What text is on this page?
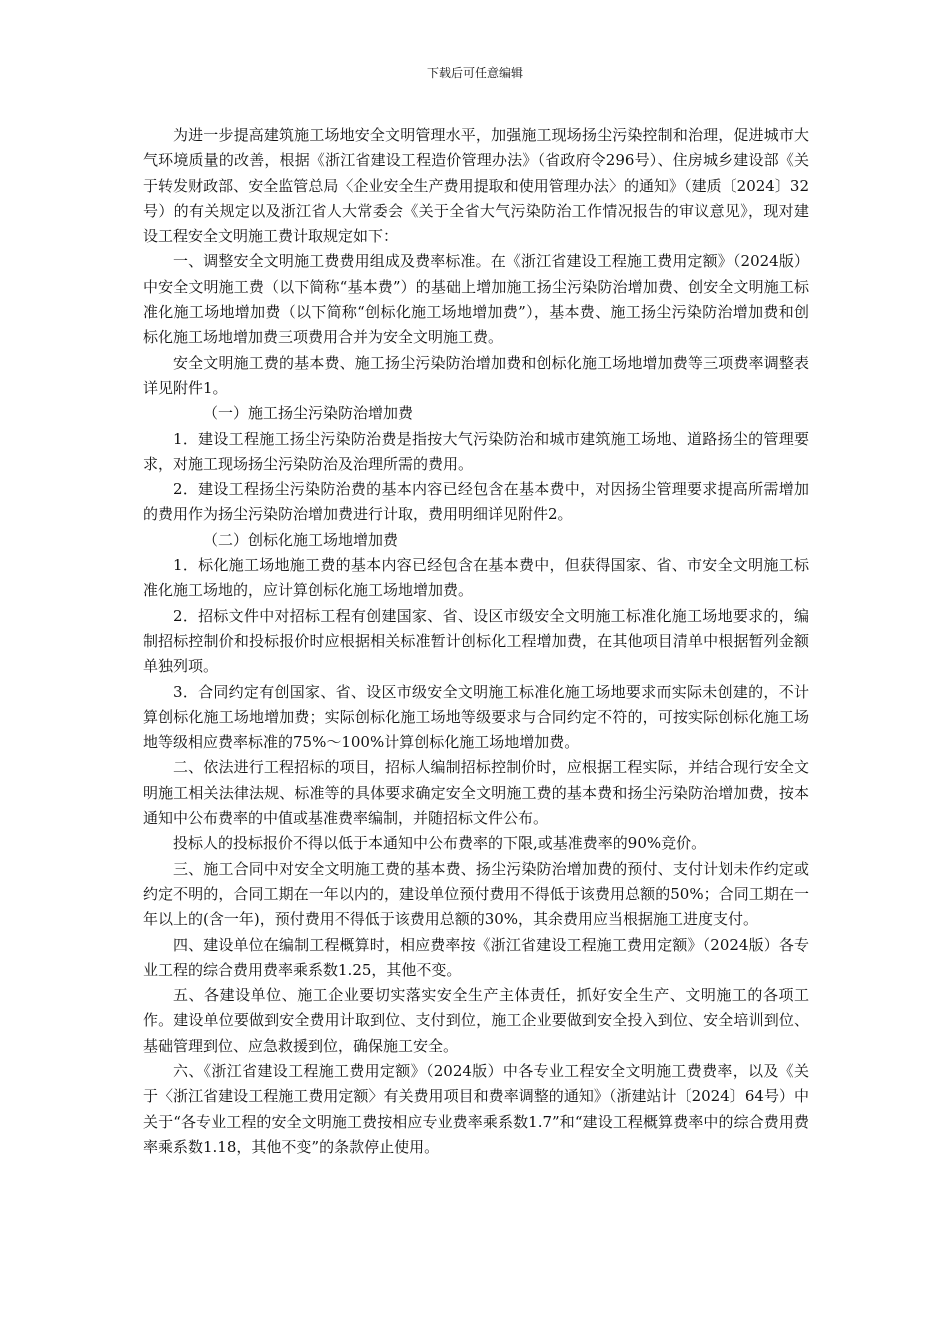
下载后可任意编辑

为进一步提高建筑施工场地安全文明管理水平，加强施工现场扬尘污染控制和治理，促进城市大气环境质量的改善，根据《浙江省建设工程造价管理办法》（省政府令296号）、住房城乡建设部《关于转发财政部、安全监管总局〈企业安全生产费用提取和使用管理办法〉的通知》（建质〔2024〕32号）的有关规定以及浙江省人大常委会《关于全省大气污染防治工作情况报告的审议意见》，现对建设工程安全文明施工费计取规定如下：

一、调整安全文明施工费费用组成及费率标准。在《浙江省建设工程施工费用定额》（2024版）中安全文明施工费（以下简称“基本费”）的基础上增加施工扬尘污染防治增加费、创安全文明施工标准化施工场地增加费（以下简称“创标化施工场地增加费”），基本费、施工扬尘污染防治增加费和创标化施工场地增加费三项费用合并为安全文明施工费。

安全文明施工费的基本费、施工扬尘污染防治增加费和创标化施工场地增加费等三项费率调整表详见附件1。

（一）施工扬尘污染防治增加费

1．建设工程施工扬尘污染防治费是指按大气污染防治和城市建筑施工场地、道路扬尘的管理要求，对施工现场扬尘污染防治及治理所需的费用。

2．建设工程扬尘污染防治费的基本内容已经包含在基本费中，对因扬尘管理要求提高所需增加的费用作为扬尘污染防治增加费进行计取，费用明细详见附件2。

（二）创标化施工场地增加费

1．标化施工场地施工费的基本内容已经包含在基本费中，但获得国家、省、市安全文明施工标准化施工场地的，应计算创标化施工场地增加费。

2．招标文件中对招标工程有创建国家、省、设区市级安全文明施工标准化施工场地要求的，编制招标控制价和投标报价时应根据相关标准暂计创标化工程增加费，在其他项目清单中根据暂列金额单独列项。

3．合同约定有创国家、省、设区市级安全文明施工标准化施工场地要求而实际未创建的，不计算创标化施工场地增加费；实际创标化施工场地等级要求与合同约定不符的，可按实际创标化施工场地等级相应费率标准的75%～100%计算创标化施工场地增加费。

二、依法进行工程招标的项目，招标人编制招标控制价时，应根据工程实际，并结合现行安全文明施工相关法律法规、标准等的具体要求确定安全文明施工费的基本费和扬尘污染防治增加费，按本通知中公布费率的中值或基准费率编制，并随招标文件公布。

投标人的投标报价不得以低于本通知中公布费率的下限,或基准费率的90%竞价。

三、施工合同中对安全文明施工费的基本费、扬尘污染防治增加费的预付、支付计划未作约定或约定不明的，合同工期在一年以内的，建设单位预付费用不得低于该费用总额的50%；合同工期在一年以上的(含一年)，预付费用不得低于该费用总额的30%，其余费用应当根据施工进度支付。

四、建设单位在编制工程概算时，相应费率按《浙江省建设工程施工费用定额》（2024版）各专业工程的综合费用费率乘系数1.25，其他不变。

五、各建设单位、施工企业要切实落实安全生产主体责任，抓好安全生产、文明施工的各项工作。建设单位要做到安全费用计取到位、支付到位，施工企业要做到安全投入到位、安全培训到位、基础管理到位、应急救援到位，确保施工安全。

六、《浙江省建设工程施工费用定额》（2024版）中各专业工程安全文明施工费费率，以及《关于〈浙江省建设工程施工费用定额〉有关费用项目和费率调整的通知》（浙建站计〔2024〕64号）中关于“各专业工程的安全文明施工费按相应专业费率乘系数1.7”和“建设工程概算费率中的综合费用费率乘系数1.18，其他不变”的条款停止使用。
